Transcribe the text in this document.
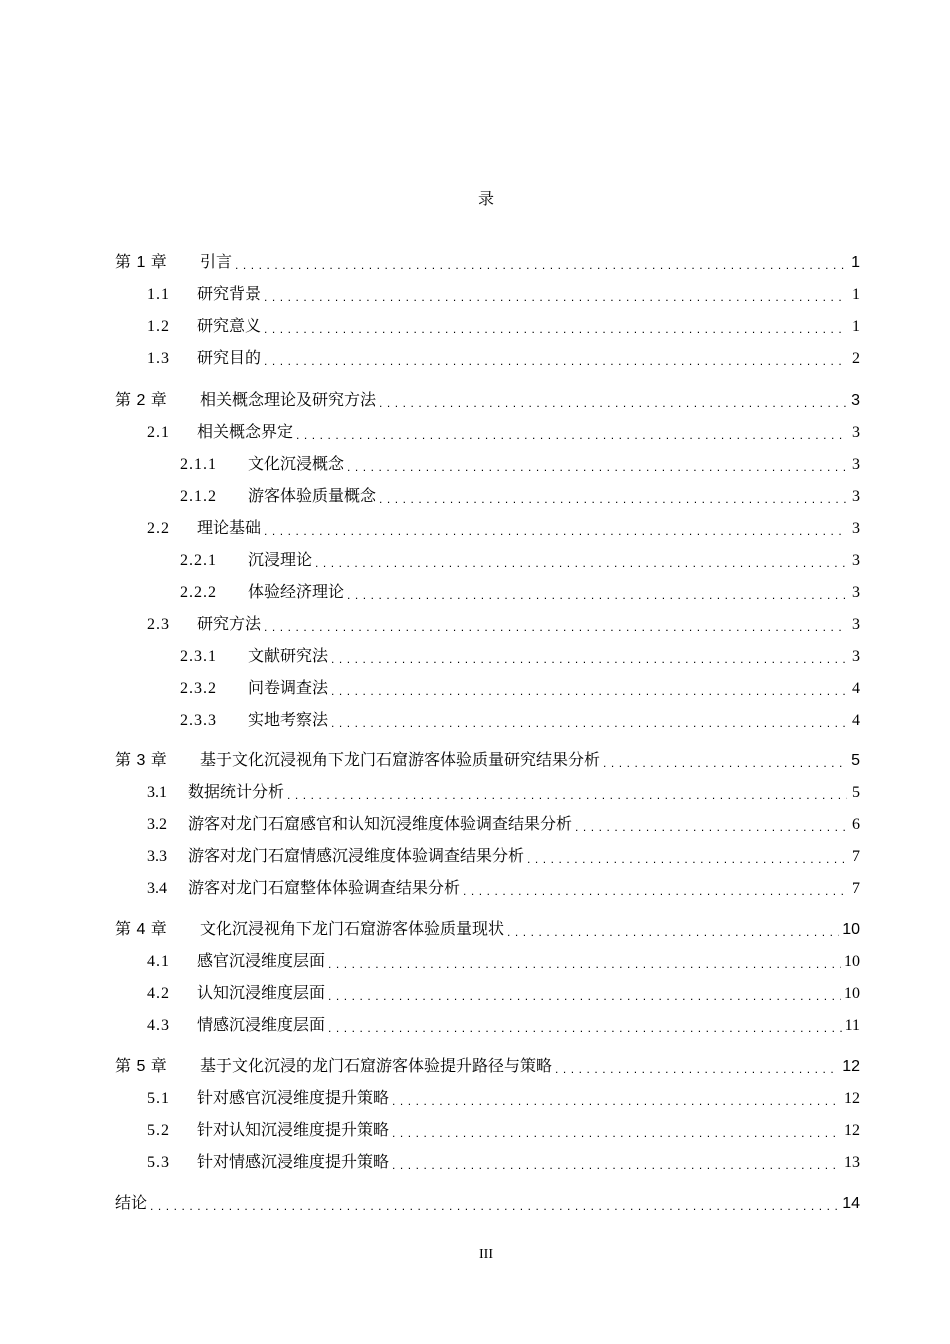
录
第 1 章	引言 . . .	1
1.1	研究背景 . . .	1
1.2	研究意义 . . .	1
1.3	研究目的 . . .	2
第 2 章	相关概念理论及研究方法 . . .	3
2.1	相关概念界定 . . .	3
2.1.1	文化沉浸概念 . . .	3
2.1.2	游客体验质量概念 . . .	3
2.2	理论基础 . . .	3
2.2.1	沉浸理论 . . .	3
2.2.2	体验经济理论 . . .	3
2.3	研究方法 . . .	3
2.3.1	文献研究法 . . .	3
2.3.2	问卷调查法 . . .	4
2.3.3	实地考察法 . . .	4
第 3 章	基于文化沉浸视角下龙门石窟游客体验质量研究结果分析 . . .	5
3.1	数据统计分析 . . .	5
3.2	游客对龙门石窟感官和认知沉浸维度体验调查结果分析 . . .	6
3.3	游客对龙门石窟情感沉浸维度体验调查结果分析 . . .	7
3.4	游客对龙门石窟整体体验调查结果分析 . . .	7
第 4 章	文化沉浸视角下龙门石窟游客体验质量现状 . . .	10
4.1	感官沉浸维度层面 . . .	10
4.2	认知沉浸维度层面 . . .	10
4.3	情感沉浸维度层面 . . .	11
第 5 章	基于文化沉浸的龙门石窟游客体验提升路径与策略 . . .	12
5.1	针对感官沉浸维度提升策略 . . .	12
5.2	针对认知沉浸维度提升策略 . . .	12
5.3	针对情感沉浸维度提升策略 . . .	13
结论 . . .	14
III
